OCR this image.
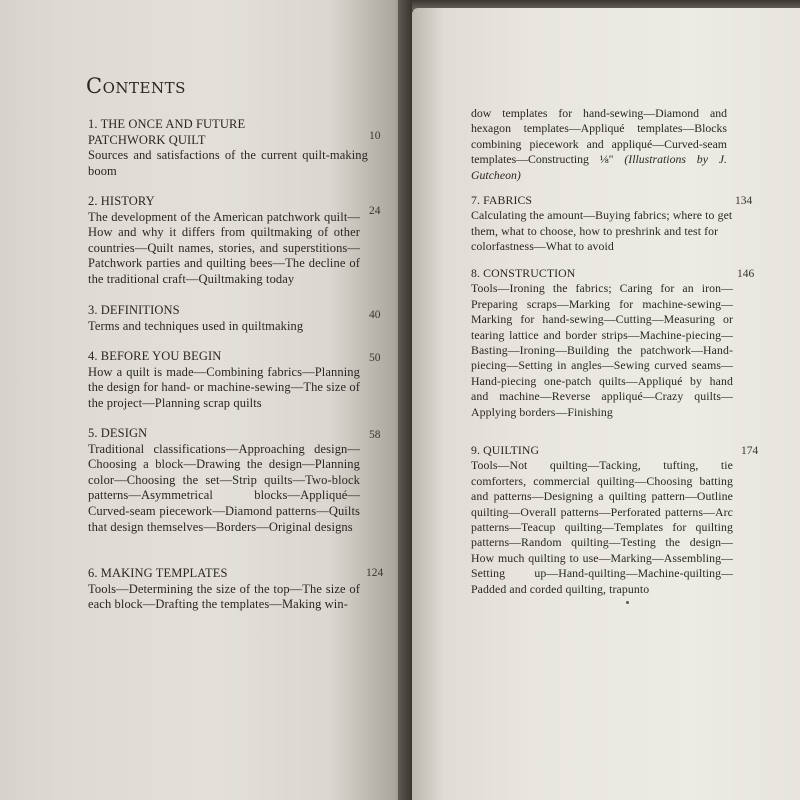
Contents
1. THE ONCE AND FUTURE PATCHWORK QUILT
Sources and satisfactions of the current quilt-making boom
10
2. HISTORY
The development of the American patchwork quilt—How and why it differs from quiltmaking of other countries—Quilt names, stories, and superstitions—Patchwork parties and quilting bees—The decline of the traditional craft—Quiltmaking today
24
3. DEFINITIONS
Terms and techniques used in quiltmaking
40
4. BEFORE YOU BEGIN
How a quilt is made—Combining fabrics—Planning the design for hand- or machine-sewing—The size of the project—Planning scrap quilts
50
5. DESIGN
Traditional classifications—Approaching design—Choosing a block—Drawing the design—Planning color—Choosing the set—Strip quilts—Two-block patterns—Asymmetrical blocks—Appliqué—Curved-seam piecework—Diamond patterns—Quilts that design themselves—Borders—Original designs
58
6. MAKING TEMPLATES
Tools—Determining the size of the top—The size of each block—Drafting the templates—Making win-
124
dow templates for hand-sewing—Diamond and hexagon templates—Appliqué templates—Blocks combining piecework and appliqué—Curved-seam templates—Constructing ⅛" (Illustrations by J. Gutcheon)
7. FABRICS
Calculating the amount—Buying fabrics; where to get them, what to choose, how to preshrink and test for colorfastness—What to avoid
134
8. CONSTRUCTION
Tools—Ironing the fabrics; Caring for an iron—Preparing scraps—Marking for machine-sewing—Marking for hand-sewing—Cutting—Measuring or tearing lattice and border strips—Machine-piecing—Basting—Ironing—Building the patchwork—Hand-piecing—Setting in angles—Sewing curved seams—Hand-piecing one-patch quilts—Appliqué by hand and machine—Reverse appliqué—Crazy quilts—Applying borders—Finishing
146
9. QUILTING
Tools—Not quilting—Tacking, tufting, tie comforters, commercial quilting—Choosing batting and patterns—Designing a quilting pattern—Outline quilting—Overall patterns—Perforated patterns—Arc patterns—Teacup quilting—Templates for quilting patterns—Random quilting—Testing the design—How much quilting to use—Marking—Assembling—Setting up—Hand-quilting—Machine-quilting—Padded and corded quilting, trapunto
174
